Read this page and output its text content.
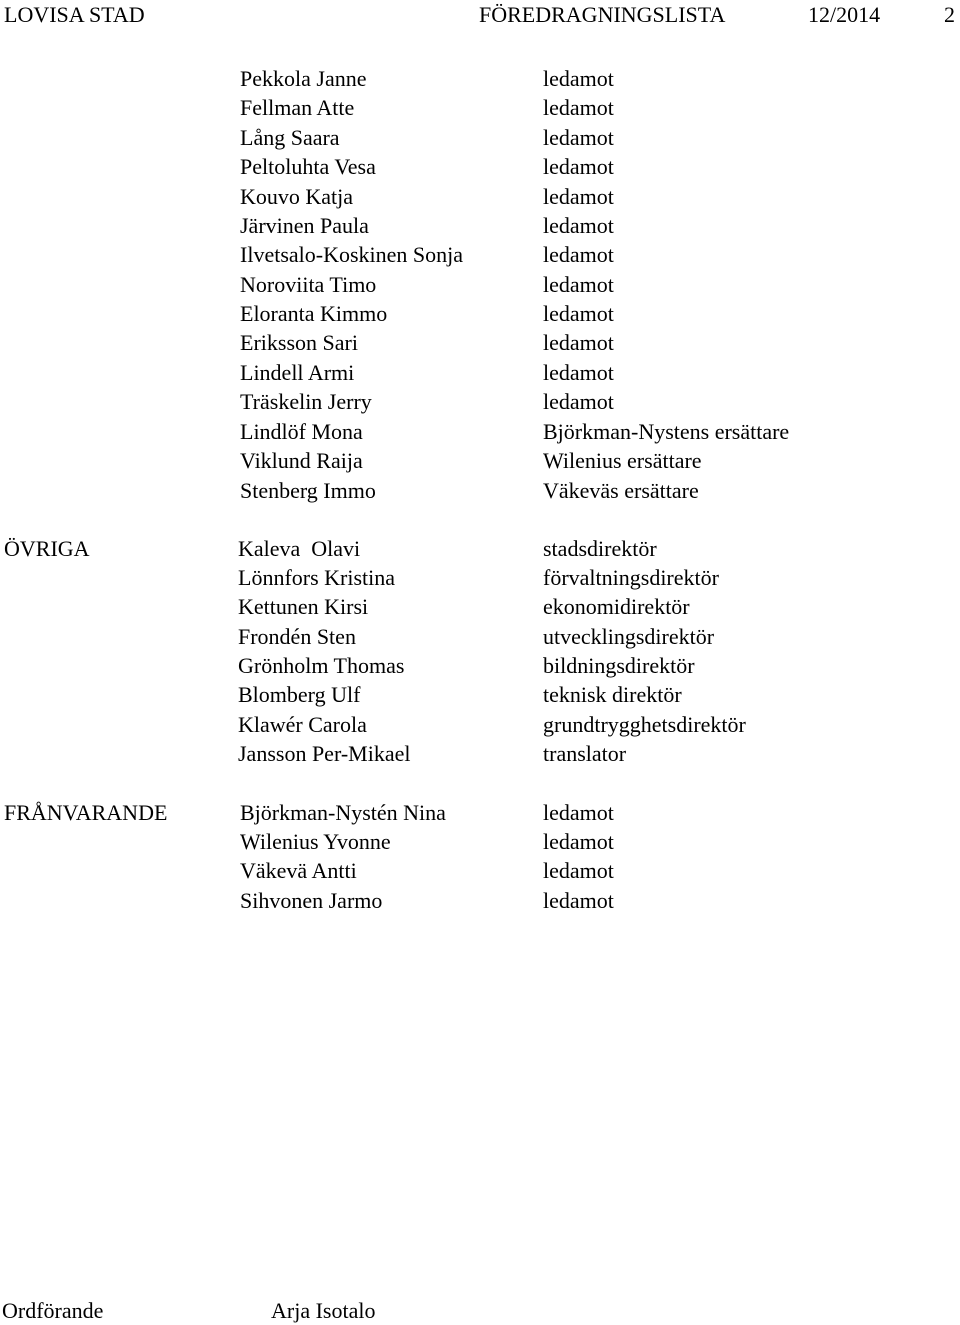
LOVISA STAD	FÖREDRAGNINGSLISTA	12/2014	2
Pekkola Janne	ledamot
Fellman Atte	ledamot
Lång Saara	ledamot
Peltoluhta Vesa	ledamot
Kouvo Katja	ledamot
Järvinen Paula	ledamot
Ilvetsalo-Koskinen Sonja	ledamot
Noroviita Timo	ledamot
Eloranta Kimmo	ledamot
Eriksson Sari	ledamot
Lindell Armi	ledamot
Träskelin Jerry	ledamot
Lindlöf Mona	Björkman-Nystens ersättare
Viklund Raija	Wilenius ersättare
Stenberg Immo	Väkeväs ersättare
ÖVRIGA	Kaleva  Olavi	stadsdirektör
Lönnfors Kristina	förvaltningsdirektör
Kettunen Kirsi	ekonomidirektör
Frondén Sten	utvecklingsdirektör
Grönholm Thomas	bildningsdirektör
Blomberg Ulf	teknisk direktör
Klawér Carola	grundtrygghetsdirektör
Jansson Per-Mikael	translator
FRÅNVARANDE	Björkman-Nystén Nina	ledamot
Wilenius Yvonne	ledamot
Väkevä Antti	ledamot
Sihvonen Jarmo	ledamot
Ordförande	Arja Isotalo
